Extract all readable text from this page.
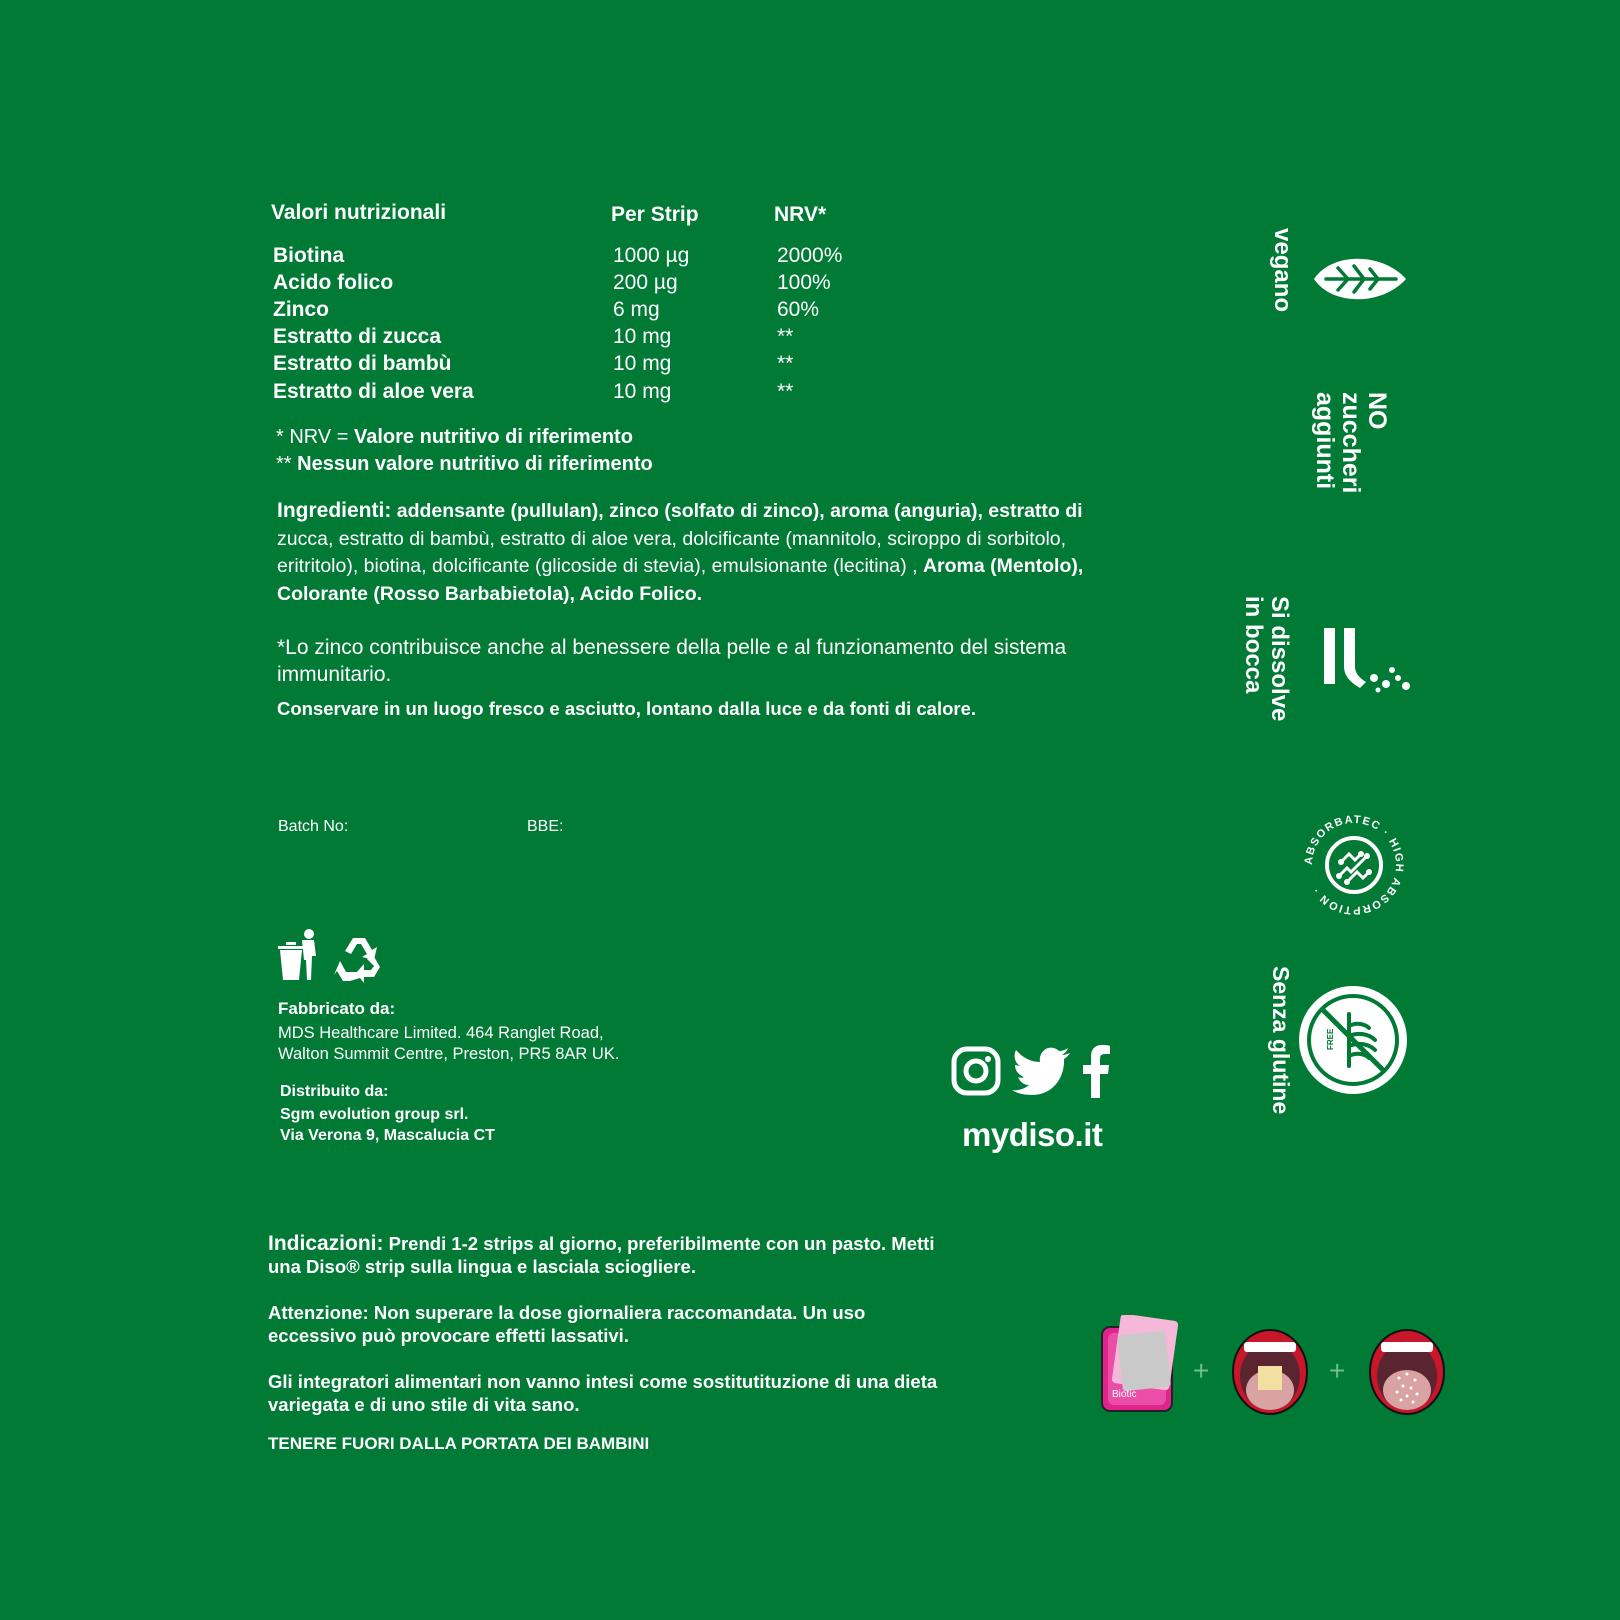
Valori nutrizionali	Per Strip	NRV*
Biotina	1000 µg	2000%
Acido folico	200 µg	100%
Zinco	6 mg	60%
Estratto di zucca	10 mg	**
Estratto di bambù	10 mg	**
Estratto di aloe vera	10 mg	**
* NRV = Valore nutritivo di riferimento
** Nessun valore nutritivo di riferimento
Ingredienti: addensante (pullulan), zinco (solfato di zinco), aroma (anguria), estratto di zucca, estratto di bambù, estratto di aloe vera, dolcificante (mannitolo, sciroppo di sorbitolo, eritritolo), biotina, dolcificante (glicoside di stevia), emulsionante (lecitina) , Aroma (Mentolo), Colorante (Rosso Barbabietola), Acido Folico.
*Lo zinco contribuisce anche al benessere della pelle e al funzionamento del sistema immunitario.
Conservare in un luogo fresco e asciutto, lontano dalla luce e da fonti di calore.
Batch No:	BBE:
Fabbricato da:
MDS Healthcare Limited. 464 Ranglet Road,
Walton Summit Centre, Preston, PR5 8AR UK.
Distribuito da:
Sgm evolution group srl.
Via Verona 9, Mascalucia CT	mydiso.it
Indicazioni: Prendi 1-2 strips al giorno, preferibilmente con un pasto. Metti una Diso® strip sulla lingua e lasciala sciogliere.
Attenzione: Non superare la dose giornaliera raccomandata. Un uso eccessivo può provocare effetti lassativi.
Gli integratori alimentari non vanno intesi come sostitutituzione di una dieta variegata e di uno stile di vita sano.
TENERE FUORI DALLA PORTATA DEI BAMBINI
vegano
NO
zuccheri
aggiunti
Si dissolve
in bocca
ABSORBATEC · HIGH ABSORPTION ·
Senza glutine	FREE
Biotic
+	+
